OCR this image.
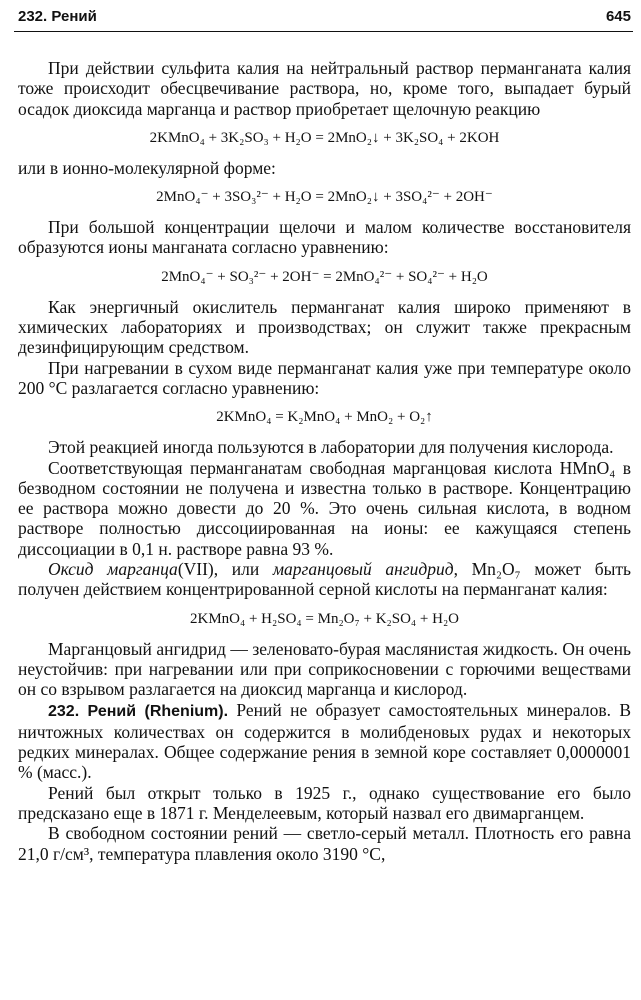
232. Рений	645

При действии сульфита калия на нейтральный раствор перманганата калия тоже происходит обесцвечивание раствора, но, кроме того, выпадает бурый осадок диоксида марганца и раствор приобретает щелочную реакцию

2KMnO₄ + 3K₂SO₃ + H₂O = 2MnO₂↓ + 3K₂SO₄ + 2KOH

или в ионно-молекулярной форме:

2MnO₄⁻ + 3SO₃²⁻ + H₂O = 2MnO₂↓ + 3SO₄²⁻ + 2OH⁻

При большой концентрации щелочи и малом количестве восстановителя образуются ионы манганата согласно уравнению:

2MnO₄⁻ + SO₃²⁻ + 2OH⁻ = 2MnO₄²⁻ + SO₄²⁻ + H₂O

Как энергичный окислитель перманганат калия широко применяют в химических лабораториях и производствах; он служит также прекрасным дезинфицирующим средством.

При нагревании в сухом виде перманганат калия уже при температуре около 200 °С разлагается согласно уравнению:

2KMnO₄ = K₂MnO₄ + MnO₂ + O₂↑

Этой реакцией иногда пользуются в лаборатории для получения кислорода.

Соответствующая перманганатам свободная марганцовая кислота HMnO₄ в безводном состоянии не получена и известна только в растворе. Концентрацию ее раствора можно довести до 20 %. Это очень сильная кислота, в водном растворе полностью диссоциированная на ионы: ее кажущаяся степень диссоциации в 0,1 н. растворе равна 93 %.

Оксид марганца(VII), или марганцовый ангидрид, Mn₂O₇ может быть получен действием концентрированной серной кислоты на перманганат калия:

2KMnO₄ + H₂SO₄ = Mn₂O₇ + K₂SO₄ + H₂O

Марганцовый ангидрид — зеленовато-бурая маслянистая жидкость. Он очень неустойчив: при нагревании или при соприкосновении с горючими веществами он со взрывом разлагается на диоксид марганца и кислород.

232. Рений (Rhenium). Рений не образует самостоятельных минералов. В ничтожных количествах он содержится в молибденовых рудах и некоторых редких минералах. Общее содержание рения в земной коре составляет 0,0000001 % (масс.).

Рений был открыт только в 1925 г., однако существование его было предсказано еще в 1871 г. Менделеевым, который назвал его двимарганцем.

В свободном состоянии рений — светло-серый металл. Плотность его равна 21,0 г/см³, температура плавления около 3190 °С,
